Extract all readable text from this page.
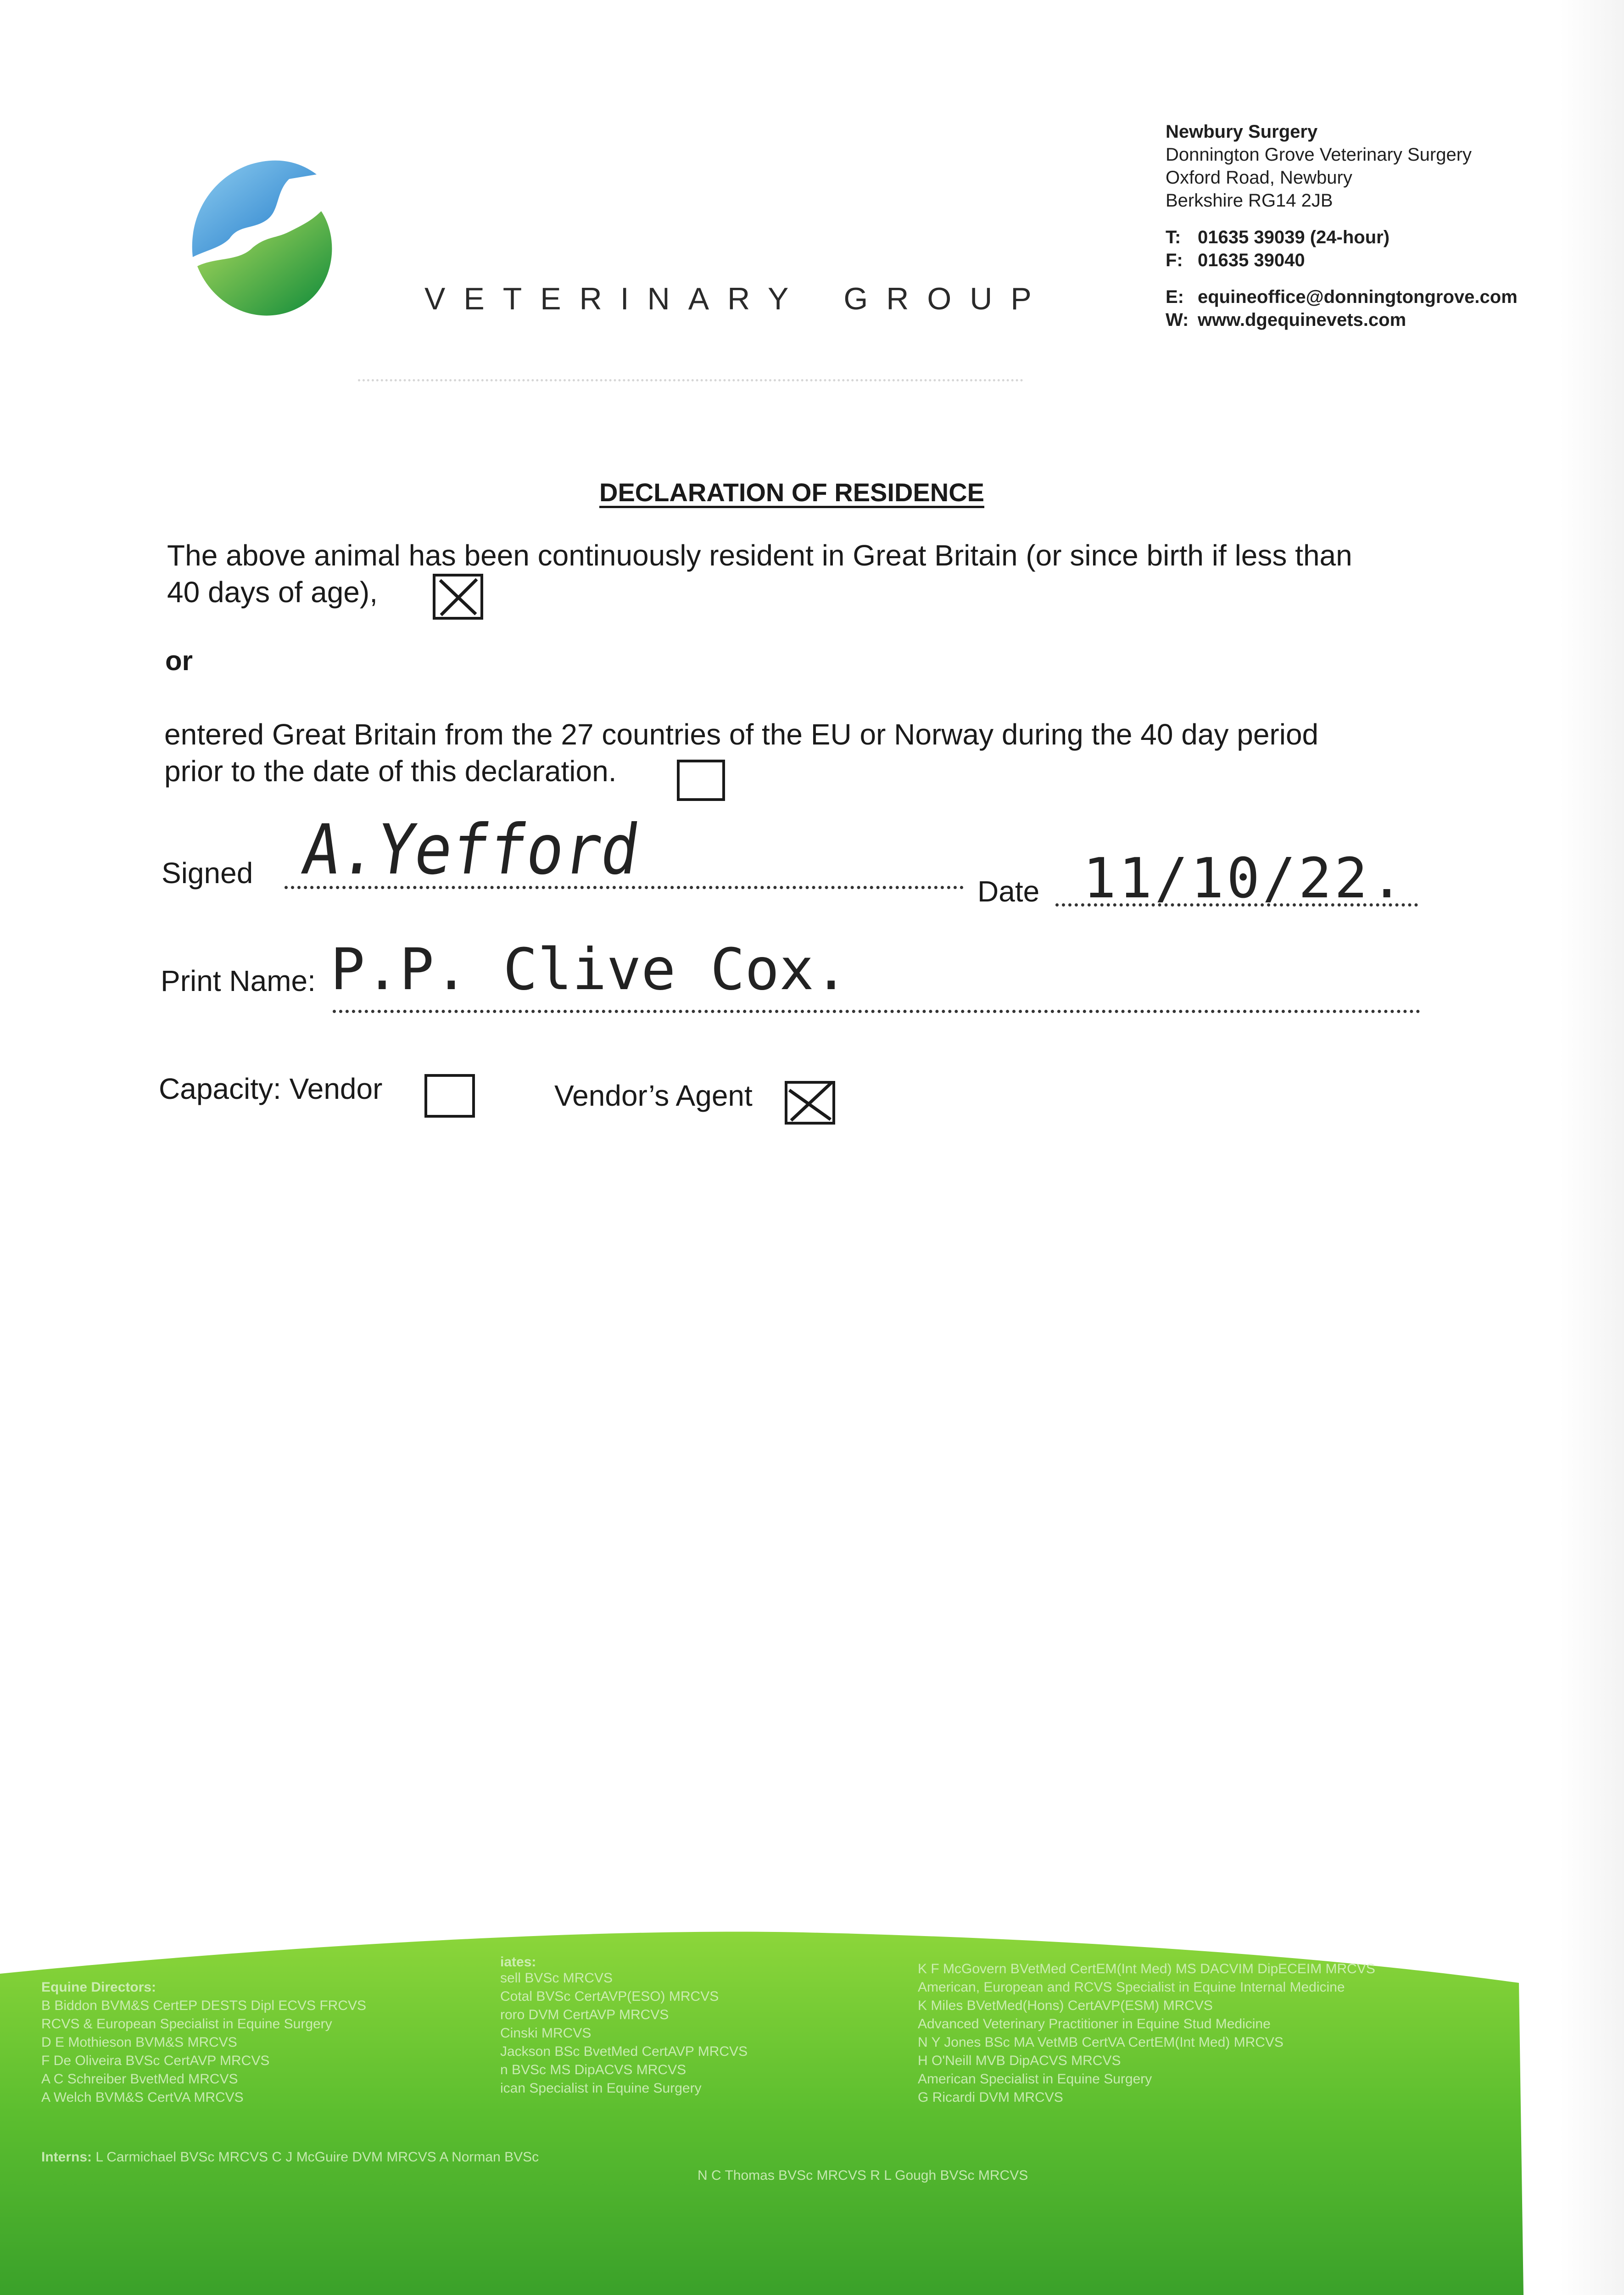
VETERINARY GROUP
Newbury Surgery
Donnington Grove Veterinary Surgery
Oxford Road, Newbury
Berkshire RG14 2JB
T: 01635 39039 (24-hour)
F: 01635 39040
E: equineoffice@donningtongrove.com
W: www.dgequinevets.com
DECLARATION OF RESIDENCE
The above animal has been continuously resident in Great Britain (or since birth if less than
40 days of age),
or
entered Great Britain from the 27 countries of the EU or Norway during the 40 day period
prior to the date of this declaration.
Signed A.Yefford
Date 11/10/22.
Print Name: P.P. Clive Cox.
Capacity: Vendor	Vendor’s Agent
Equine Directors:
B Biddon BVM&S CertEP DESTS Dipl ECVS FRCVS
RCVS & European Specialist in Equine Surgery
D E Mothieson BVM&S MRCVS
F De Oliveira BVSc CertAVP MRCVS
A C Schreiber BvetMed MRCVS
A Welch BVM&S CertVA MRCVS
iates:
sell BVSc MRCVS
Cotal BVSc CertAVP(ESO) MRCVS
roro DVM CertAVP MRCVS
Cinski MRCVS
Jackson BSc BvetMed CertAVP MRCVS
n BVSc MS DipACVS MRCVS
ican Specialist in Equine Surgery
K F McGovern BVetMed CertEM(Int Med) MS DACVIM DipECEIM MRCVS
American, European and RCVS Specialist in Equine Internal Medicine
K Miles BVetMed(Hons) CertAVP(ESM) MRCVS
Advanced Veterinary Practitioner in Equine Stud Medicine
N Y Jones BSc MA VetMB CertVA CertEM(Int Med) MRCVS
H O'Neill MVB DipACVS MRCVS
American Specialist in Equine Surgery
G Ricardi DVM MRCVS
Interns: L Carmichael BVSc MRCVS C J McGuire DVM MRCVS A Norman BVSc
N C Thomas BVSc MRCVS R L Gough BVSc MRCVS
